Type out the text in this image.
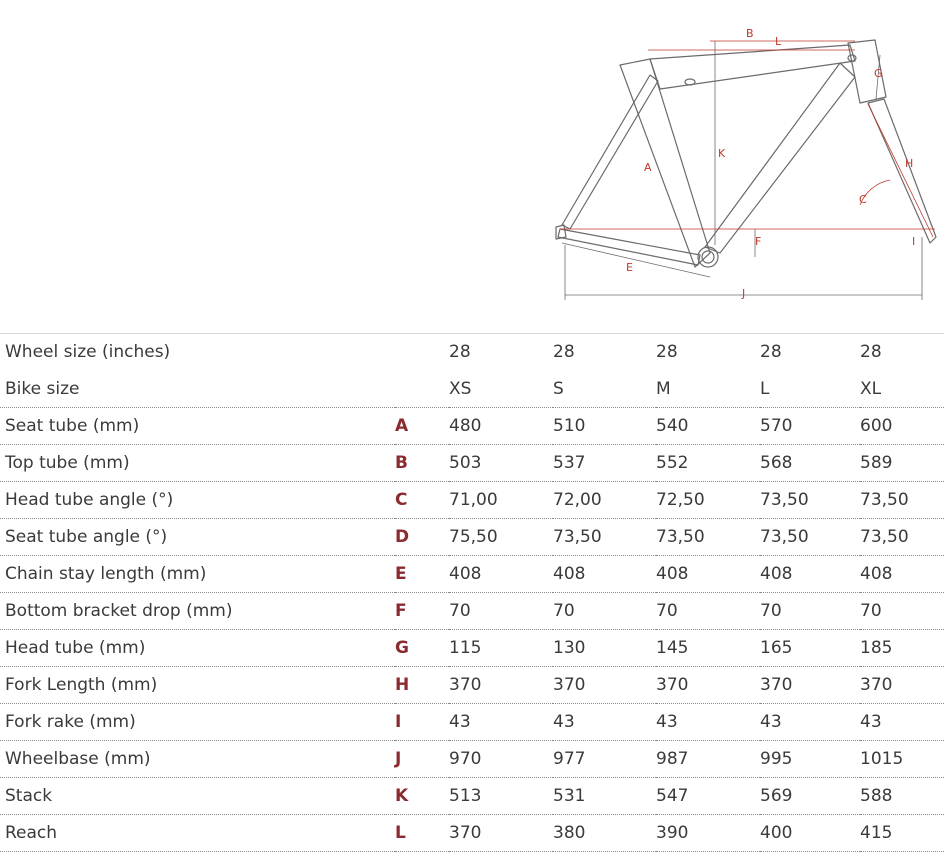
A
B
C
D
E
F
G
H
I
J
K
L
Wheel size (inches)		28	28	28	28	28
Bike size		XS	S	M	L	XL
Seat tube (mm)	A	480	510	540	570	600
Top tube (mm)	B	503	537	552	568	589
Head tube angle (°)	C	71,00	72,00	72,50	73,50	73,50
Seat tube angle (°)	D	75,50	73,50	73,50	73,50	73,50
Chain stay length (mm)	E	408	408	408	408	408
Bottom bracket drop (mm)	F	70	70	70	70	70
Head tube (mm)	G	115	130	145	165	185
Fork Length (mm)	H	370	370	370	370	370
Fork rake (mm)	I	43	43	43	43	43
Wheelbase (mm)	J	970	977	987	995	1015
Stack	K	513	531	547	569	588
Reach	L	370	380	390	400	415
